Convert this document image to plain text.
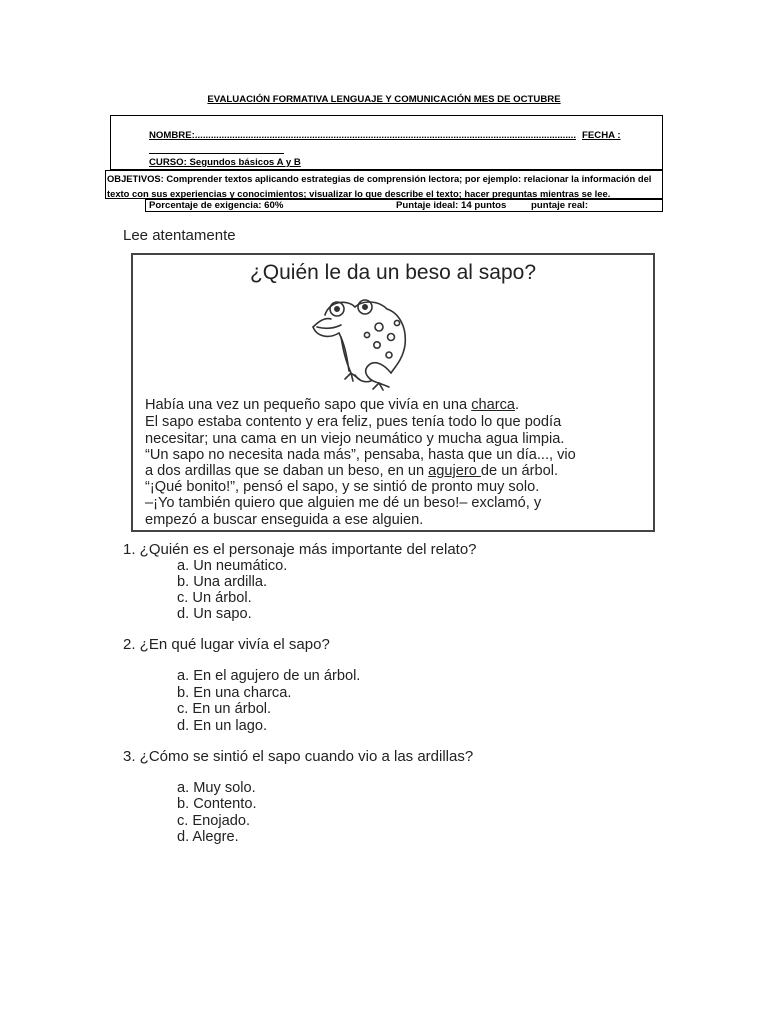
EVALUACIÓN FORMATIVA LENGUAJE Y COMUNICACIÓN MES DE OCTUBRE
NOMBRE:............................................................................................................................................... FECHA :
CURSO: Segundos básicos A y B
OBJETIVOS: Comprender textos aplicando estrategias de comprensión lectora; por ejemplo: relacionar la información del texto con sus experiencias y conocimientos; visualizar lo que describe el texto; hacer preguntas mientras se lee.
Porcentaje de exigencia: 60%	Puntaje ideal: 14 puntos	puntaje real:
Lee atentamente
¿Quién le da un beso al sapo?
Había una vez un pequeño sapo que vivía en una charca.
El sapo estaba contento y era feliz, pues tenía todo lo que podía
necesitar; una cama en un viejo neumático y mucha agua limpia.
“Un sapo no necesita nada más”, pensaba, hasta que un día..., vio
a dos ardillas que se daban un beso, en un agujero de un árbol.
“¡Qué bonito!”, pensó el sapo, y se sintió de pronto muy solo.
–¡Yo también quiero que alguien me dé un beso!– exclamó, y
empezó a buscar enseguida a ese alguien.
1. ¿Quién es el personaje más importante del relato?
a. Un neumático.
b. Una ardilla.
c. Un árbol.
d. Un sapo.
2. ¿En qué lugar vivía el sapo?
a. En el agujero de un árbol.
b. En una charca.
c. En un árbol.
d. En un lago.
3. ¿Cómo se sintió el sapo cuando vio a las ardillas?
a. Muy solo.
b. Contento.
c. Enojado.
d. Alegre.
